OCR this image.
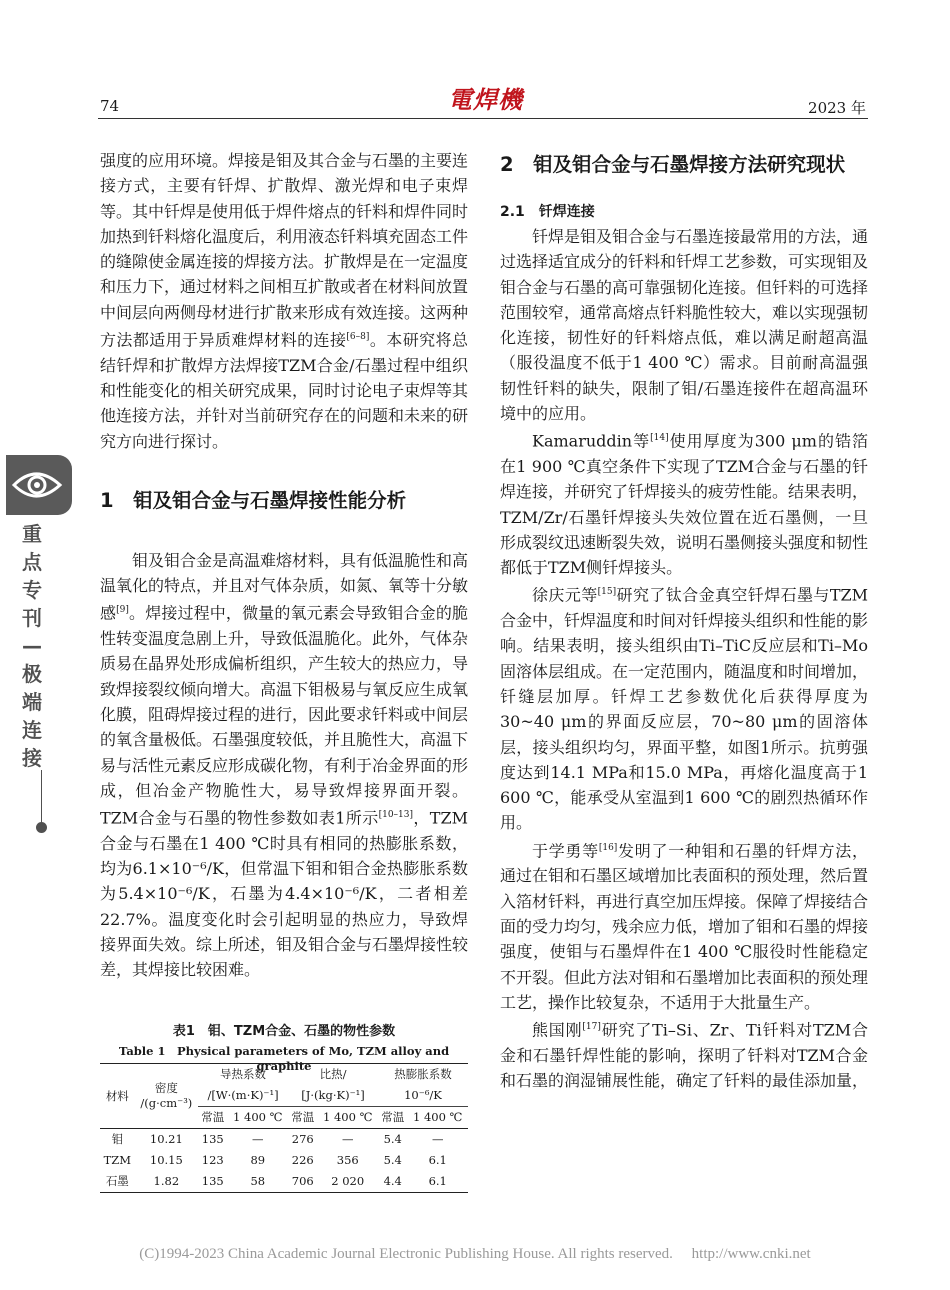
74	電焊機	2023 年
重点专刊—极端连接

强度的应用环境。焊接是钼及其合金与石墨的主要连接方式，主要有钎焊、扩散焊、激光焊和电子束焊等。其中钎焊是使用低于焊件熔点的钎料和焊件同时加热到钎料熔化温度后，利用液态钎料填充固态工件的缝隙使金属连接的焊接方法。扩散焊是在一定温度和压力下，通过材料之间相互扩散或者在材料间放置中间层向两侧母材进行扩散来形成有效连接。这两种方法都适用于异质难焊材料的连接[6–8]。本研究将总结钎焊和扩散焊方法焊接TZM合金/石墨过程中组织和性能变化的相关研究成果，同时讨论电子束焊等其他连接方法，并针对当前研究存在的问题和未来的研究方向进行探讨。

1　钼及钼合金与石墨焊接性能分析

钼及钼合金是高温难熔材料，具有低温脆性和高温氧化的特点，并且对气体杂质，如氮、氧等十分敏感[9]。焊接过程中，微量的氧元素会导致钼合金的脆性转变温度急剧上升，导致低温脆化。此外，气体杂质易在晶界处形成偏析组织，产生较大的热应力，导致焊接裂纹倾向增大。高温下钼极易与氧反应生成氧化膜，阻碍焊接过程的进行，因此要求钎料或中间层的氧含量极低。石墨强度较低，并且脆性大，高温下易与活性元素反应形成碳化物，有利于冶金界面的形成，但冶金产物脆性大，易导致焊接界面开裂。TZM合金与石墨的物性参数如表1所示[10–13]，TZM合金与石墨在1 400 ℃时具有相同的热膨胀系数，均为6.1×10⁻⁶/K，但常温下钼和钼合金热膨胀系数为5.4×10⁻⁶/K，石墨为4.4×10⁻⁶/K，二者相差22.7%。温度变化时会引起明显的热应力，导致焊接界面失效。综上所述，钼及钼合金与石墨焊接性较差，其焊接比较困难。

表1　钼、TZM合金、石墨的物性参数
Table 1　Physical parameters of Mo, TZM alloy and graphite
材料	密度
/(g·cm⁻³)	导热系数		比热/		热膨胀系数	
		/[W·(m·K)⁻¹]		[J·(kg·K)⁻¹]		10⁻⁶/K	
		常温	1 400 ℃	常温	1 400 ℃	常温	1 400 ℃
钼	10.21	135	—	276	—	5.4	—
TZM	10.15	123	89	226	356	5.4	6.1
石墨	1.82	135	58	706	2 020	4.4	6.1
2　钼及钼合金与石墨焊接方法研究现状
2.1　钎焊连接

钎焊是钼及钼合金与石墨连接最常用的方法，通过选择适宜成分的钎料和钎焊工艺参数，可实现钼及钼合金与石墨的高可靠强韧化连接。但钎料的可选择范围较窄，通常高熔点钎料脆性较大，难以实现强韧化连接，韧性好的钎料熔点低，难以满足耐超高温（服役温度不低于1 400 ℃）需求。目前耐高温强韧性钎料的缺失，限制了钼/石墨连接件在超高温环境中的应用。

Kamaruddin等[14]使用厚度为300 μm的锆箔在1 900 ℃真空条件下实现了TZM合金与石墨的钎焊连接，并研究了钎焊接头的疲劳性能。结果表明，TZM/Zr/石墨钎焊接头失效位置在近石墨侧，一旦形成裂纹迅速断裂失效，说明石墨侧接头强度和韧性都低于TZM侧钎焊接头。

徐庆元等[15]研究了钛合金真空钎焊石墨与TZM合金中，钎焊温度和时间对钎焊接头组织和性能的影响。结果表明，接头组织由Ti–TiC反应层和Ti–Mo固溶体层组成。在一定范围内，随温度和时间增加，钎缝层加厚。钎焊工艺参数优化后获得厚度为30~40 μm的界面反应层，70~80 μm的固溶体层，接头组织均匀，界面平整，如图1所示。抗剪强度达到14.1 MPa和15.0 MPa，再熔化温度高于1 600 ℃，能承受从室温到1 600 ℃的剧烈热循环作用。

于学勇等[16]发明了一种钼和石墨的钎焊方法，通过在钼和石墨区域增加比表面积的预处理，然后置入箔材钎料，再进行真空加压焊接。保障了焊接结合面的受力均匀，残余应力低，增加了钼和石墨的焊接强度，使钼与石墨焊件在1 400 ℃服役时性能稳定不开裂。但此方法对钼和石墨增加比表面积的预处理工艺，操作比较复杂，不适用于大批量生产。

熊国刚[17]研究了Ti–Si、Zr、Ti钎料对TZM合金和石墨钎焊性能的影响，探明了钎料对TZM合金和石墨的润湿铺展性能，确定了钎料的最佳添加量，

(C)1994-2023 China Academic Journal Electronic Publishing House. All rights reserved.　 http://www.cnki.net
